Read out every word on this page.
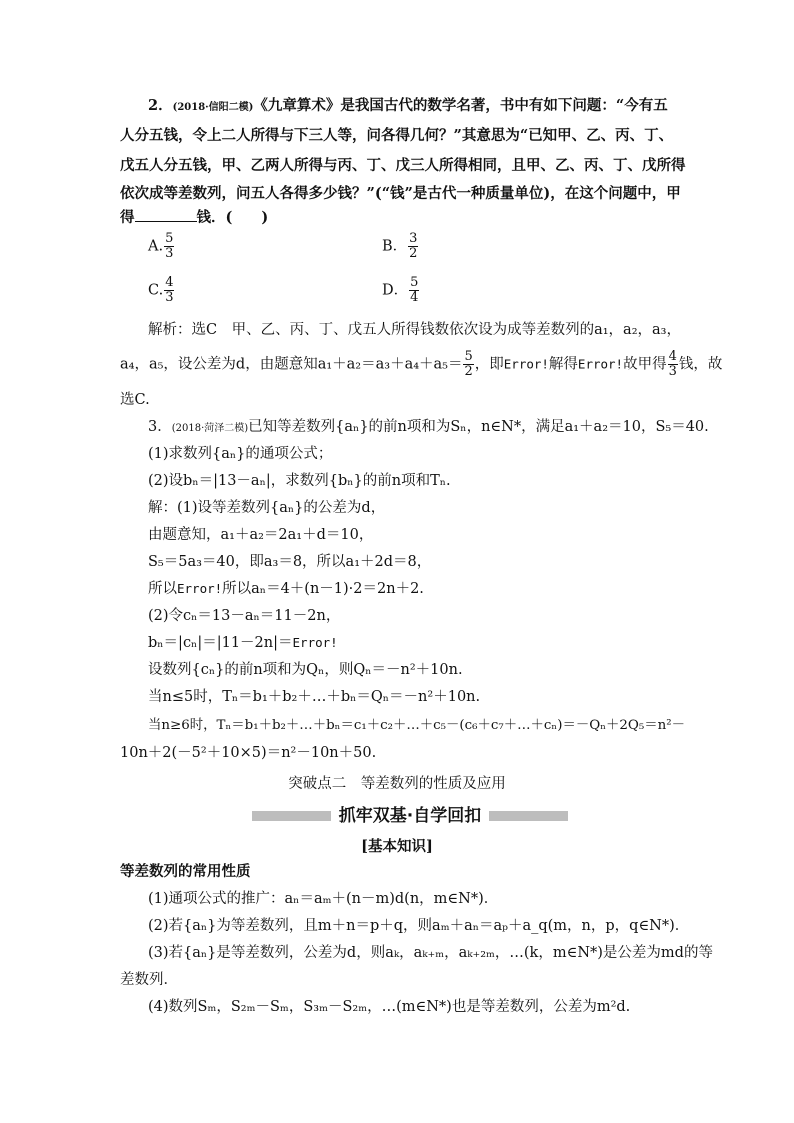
2．(2018·信阳二模)《九章算术》是我国古代的数学名著，书中有如下问题：“今有五
人分五钱，令上二人所得与下三人等，问各得几何？”其意思为“已知甲、乙、丙、丁、
戊五人分五钱，甲、乙两人所得与丙、丁、戊三人所得相同，且甲、乙、丙、丁、戊所得
依次成等差数列，问五人各得多少钱？”(“钱”是古代一种质量单位)，在这个问题中，甲
得	钱．(　　)
A. $\frac{5}{3}$	B． $\frac{3}{2}$
C. $\frac{4}{3}$	D． $\frac{5}{4}$
解析：选C　甲、乙、丙、丁、戊五人所得钱数依次设为成等差数列的a₁，a₂，a₃，
a₄，a₅，设公差为d，由题意知$a_1+a_2=a_3+a_4+a_5= \frac{5}{2}$ ，即Error!解得Error!故甲得 $\frac{4}{3}$ 钱，故
选C.
3．(2018·菏泽二模)已知等差数列{aₙ}的前n项和为Sₙ，n∈N*，满足a₁＋a₂＝10，S₅＝40.
(1)求数列{aₙ}的通项公式；
(2)设bₙ＝|13－aₙ|，求数列{bₙ}的前n项和Tₙ.
解：(1)设等差数列{aₙ}的公差为d，
由题意知，a₁＋a₂＝2a₁＋d＝10，
S₅＝5a₃＝40，即a₃＝8，所以a₁＋2d＝8，
所以Error!所以aₙ＝4＋(n－1)·2＝2n＋2.
(2)令cₙ＝13－aₙ＝11－2n，
bₙ＝|cₙ|＝|11－2n|＝Error!
设数列{cₙ}的前n项和为Qₙ，则Qₙ＝－n²＋10n.
当n≤5时，Tₙ＝b₁＋b₂＋…＋bₙ＝Qₙ＝－n²＋10n.
当n≥6时，Tₙ＝b₁＋b₂＋…＋bₙ＝c₁＋c₂＋…＋c₅－(c₆＋c₇＋…＋cₙ)＝－Qₙ＋2Q₅＝n²－
10n＋2(－5²＋10×5)＝n²－10n＋50.
突破点二　等差数列的性质及应用
抓牢双基·自学回扣
[基本知识]
等差数列的常用性质
(1)通项公式的推广：aₙ＝aₘ＋(n－m)d(n，m∈N*)．
(2)若{aₙ}为等差数列，且m＋n＝p＋q，则aₘ＋aₙ＝aₚ＋a_q(m，n，p，q∈N*)．
(3)若{aₙ}是等差数列，公差为d，则aₖ，aₖ₊ₘ，aₖ₊₂ₘ，…(k，m∈N*)是公差为md的等
差数列．
(4)数列Sₘ，S₂ₘ－Sₘ，S₃ₘ－S₂ₘ，…(m∈N*)也是等差数列，公差为m²d.
